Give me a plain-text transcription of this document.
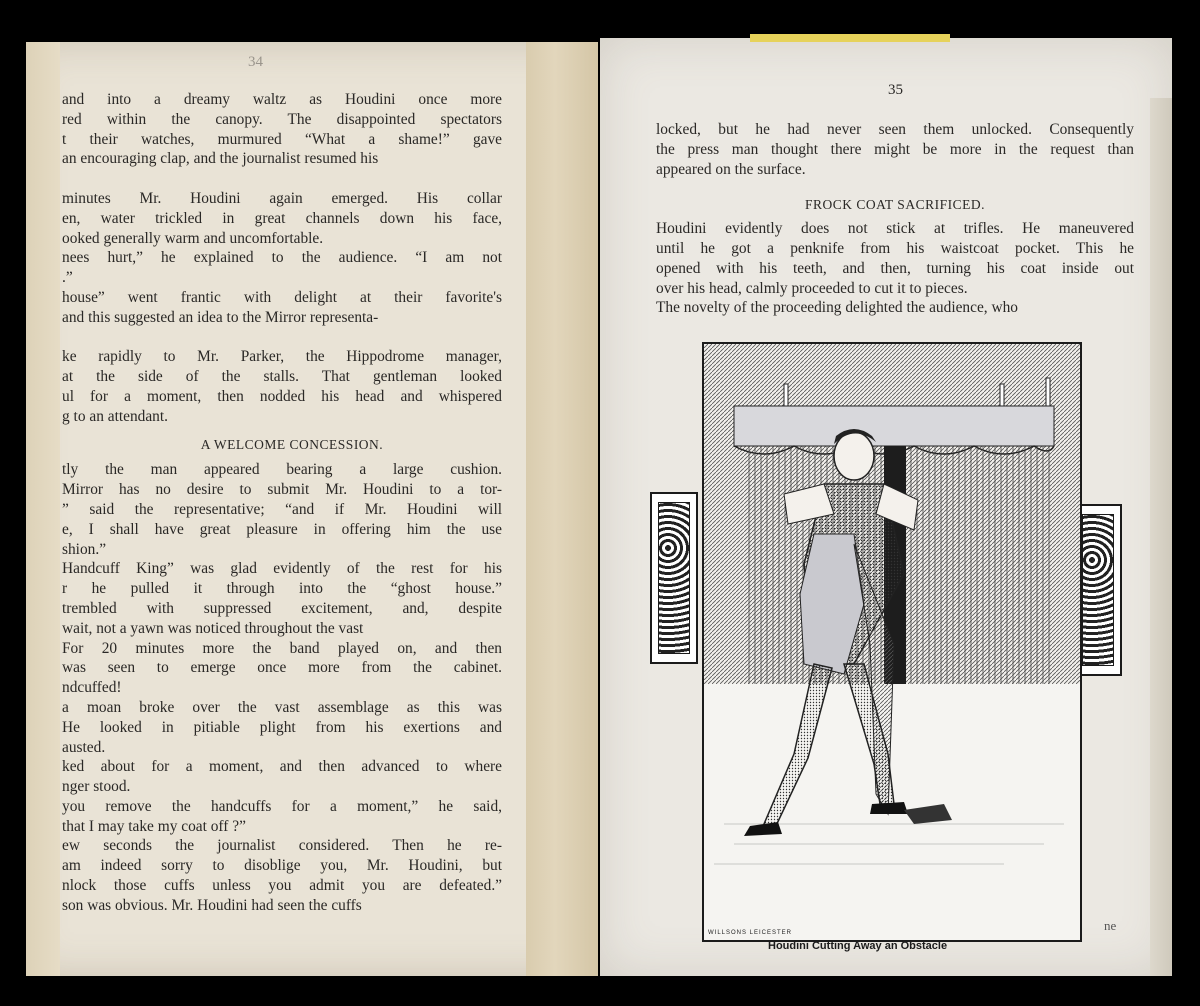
34
and into a dreamy waltz as Houdini once more
red within the canopy. The disappointed spectators
t their watches, murmured “What a shame!” gave
an encouraging clap, and the journalist resumed his

minutes Mr. Houdini again emerged. His collar
en, water trickled in great channels down his face,
ooked generally warm and uncomfortable.
nees hurt,” he explained to the audience. “I am not
.”
house” went frantic with delight at their favorite's
and this suggested an idea to the Mirror representa-

ke rapidly to Mr. Parker, the Hippodrome manager,
at the side of the stalls. That gentleman looked
ul for a moment, then nodded his head and whispered
g to an attendant.
A WELCOME CONCESSION.
tly the man appeared bearing a large cushion.
Mirror has no desire to submit Mr. Houdini to a tor-
” said the representative; “and if Mr. Houdini will
e, I shall have great pleasure in offering him the use
shion.”
Handcuff King” was glad evidently of the rest for his
r he pulled it through into the “ghost house.”
trembled with suppressed excitement, and, despite
wait, not a yawn was noticed throughout the vast
For 20 minutes more the band played on, and then
was seen to emerge once more from the cabinet.
ndcuffed!
a moan broke over the vast assemblage as this was
He looked in pitiable plight from his exertions and
austed.
ked about for a moment, and then advanced to where
nger stood.
you remove the handcuffs for a moment,” he said,
that I may take my coat off ?”
ew seconds the journalist considered. Then he re-
am indeed sorry to disoblige you, Mr. Houdini, but
nlock those cuffs unless you admit you are defeated.”
son was obvious. Mr. Houdini had seen the cuffs
35
locked, but he had never seen them unlocked. Consequently
the press man thought there might be more in the request than
appeared on the surface.
FROCK COAT SACRIFICED.
Houdini evidently does not stick at trifles. He maneuvered
until he got a penknife from his waistcoat pocket. This he
opened with his teeth, and then, turning his coat inside out
over his head, calmly proceeded to cut it to pieces.
The novelty of the proceeding delighted the audience, who
WILLSONS LEICESTER
Houdini Cutting Away an Obstacle
ne
